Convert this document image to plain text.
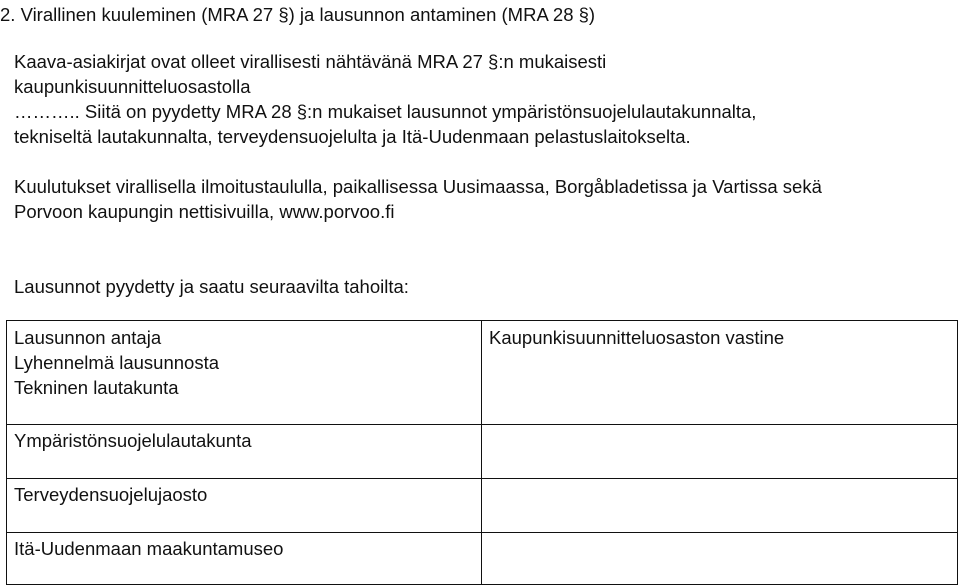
2. Virallinen kuuleminen (MRA 27 §) ja lausunnon antaminen (MRA 28 §)
Kaava-asiakirjat ovat olleet virallisesti nähtävänä MRA 27 §:n mukaisesti
kaupunkisuunnitteluosastolla
……….. Siitä on pyydetty MRA 28 §:n mukaiset lausunnot ympäristönsuojelulautakunnalta,
tekniseltä lautakunnalta, terveydensuojelulta ja Itä-Uudenmaan pelastuslaitokselta.
Kuulutukset virallisella ilmoitustaululla, paikallisessa Uusimaassa, Borgåbladetissa ja Vartissa sekä
Porvoon kaupungin nettisivuilla, www.porvoo.fi
Lausunnot pyydetty ja saatu seuraavilta tahoilta:
Lausunnon antaja
Lyhennelmä lausunnosta
Tekninen lautakunta	Kaupunkisuunnitteluosaston vastine

Ympäristönsuojelulautakunta	

Terveydensuojelujaosto	

Itä-Uudenmaan maakuntamuseo	
